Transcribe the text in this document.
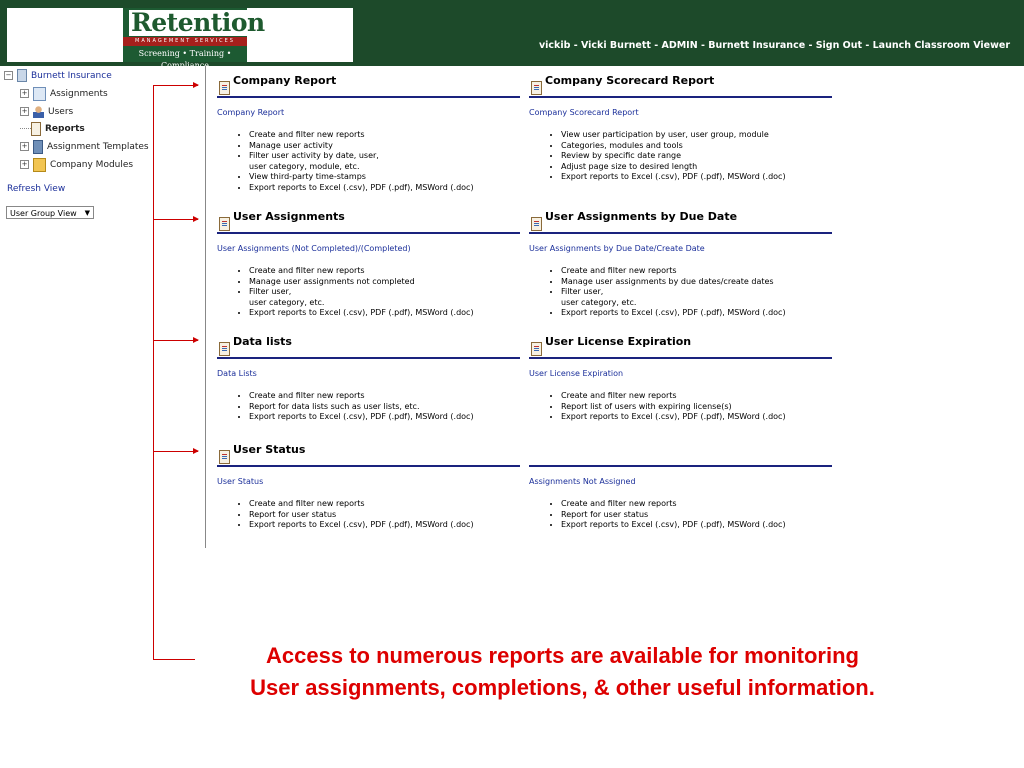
Retention
MANAGEMENT SERVICES
Screening • Training • Compliance
vickib - Vicki Burnett - ADMIN - Burnett Insurance - Sign Out - Launch Classroom Viewer
− Burnett Insurance
+	Assignments
+ Users
Reports
+ Assignment Templates
+	Company Modules
Refresh View
User Group View ▼
Company Report
Company Report
• Create and filter new reports
• Manage user activity
• Filter user activity by date, user,
user category, module, etc.
• View third-party time-stamps
• Export reports to Excel (.csv), PDF (.pdf), MSWord (.doc)
Company Scorecard Report
Company Scorecard Report
• View user participation by user, user group, module
• Categories, modules and tools
• Review by specific date range
• Adjust page size to desired length
• Export reports to Excel (.csv), PDF (.pdf), MSWord (.doc)
User Assignments
User Assignments (Not Completed)/(Completed)
• Create and filter new reports
• Manage user assignments not completed
• Filter user,
user category, etc.
• Export reports to Excel (.csv), PDF (.pdf), MSWord (.doc)
User Assignments by Due Date
User Assignments by Due Date/Create Date
• Create and filter new reports
• Manage user assignments by due dates/create dates
• Filter user,
user category, etc.
• Export reports to Excel (.csv), PDF (.pdf), MSWord (.doc)
Data lists
Data Lists
• Create and filter new reports
• Report for data lists such as user lists, etc.
• Export reports to Excel (.csv), PDF (.pdf), MSWord (.doc)
User License Expiration
User License Expiration
• Create and filter new reports
• Report list of users with expiring license(s)
• Export reports to Excel (.csv), PDF (.pdf), MSWord (.doc)
User Status
User Status
• Create and filter new reports
• Report for user status
• Export reports to Excel (.csv), PDF (.pdf), MSWord (.doc)
Assignments Not Assigned
• Create and filter new reports
• Report for user status
• Export reports to Excel (.csv), PDF (.pdf), MSWord (.doc)
Access to numerous reports are available for monitoring
User assignments, completions, & other useful information.
